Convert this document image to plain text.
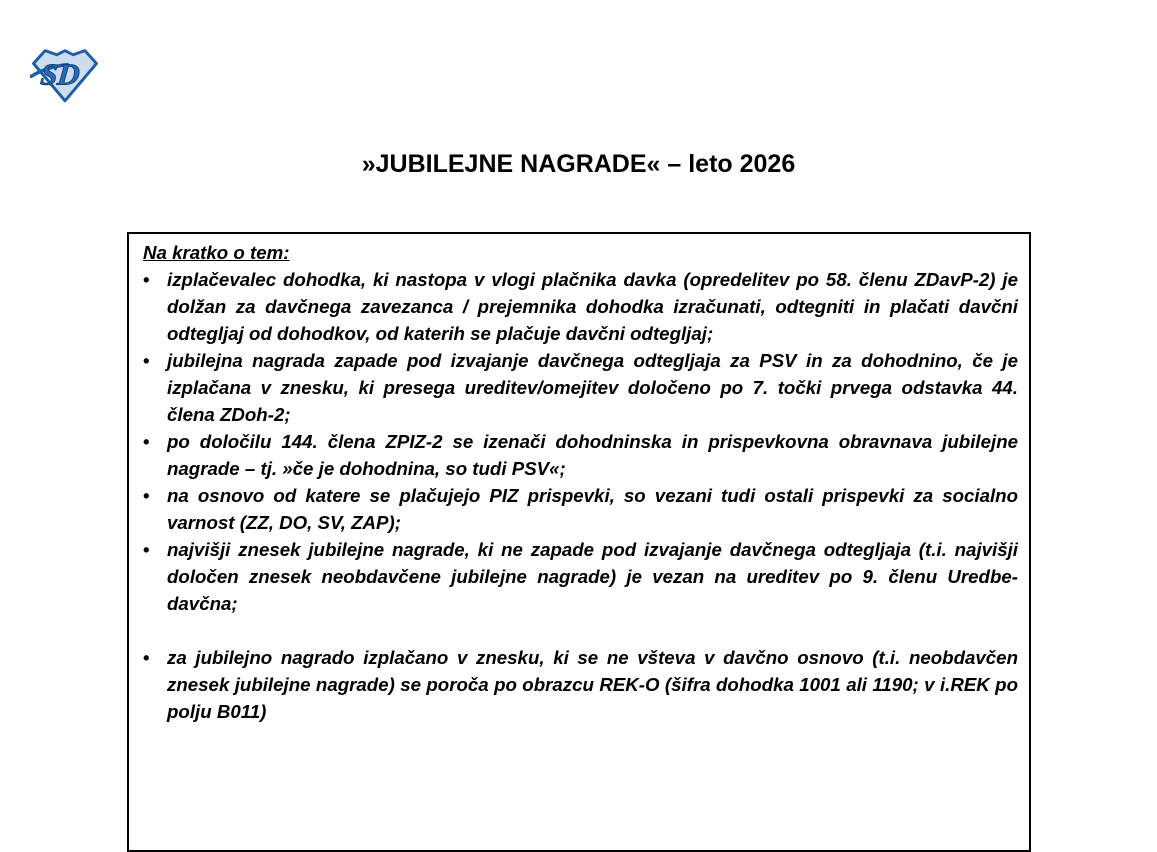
SD
»JUBILEJNE NAGRADE« – leto 2026
Na kratko o tem:
• izplačevalec dohodka, ki nastopa v vlogi plačnika davka (opredelitev po 58. členu ZDavP-2) je dolžan za davčnega zavezanca / prejemnika dohodka izračunati, odtegniti in plačati davčni odtegljaj od dohodkov, od katerih se plačuje davčni odtegljaj;
• jubilejna nagrada zapade pod izvajanje davčnega odtegljaja za PSV in za dohodnino, če je izplačana v znesku, ki presega ureditev/omejitev določeno po 7. točki prvega odstavka 44. člena ZDoh-2;
• po določilu 144. člena ZPIZ-2 se izenači dohodninska in prispevkovna obravnava jubilejne nagrade – tj. »če je dohodnina, so tudi PSV«;
• na osnovo od katere se plačujejo PIZ prispevki, so vezani tudi ostali prispevki za socialno varnost (ZZ, DO, SV, ZAP);
• najvišji znesek jubilejne nagrade, ki ne zapade pod izvajanje davčnega odtegljaja (t.i. najvišji določen znesek neobdavčene jubilejne nagrade) je vezan na ureditev po 9. členu Uredbe-davčna;
• za jubilejno nagrado izplačano v znesku, ki se ne všteva v davčno osnovo (t.i. neobdavčen znesek jubilejne nagrade) se poroča po obrazcu REK-O (šifra dohodka 1001 ali 1190; v i.REK po polju B011)
